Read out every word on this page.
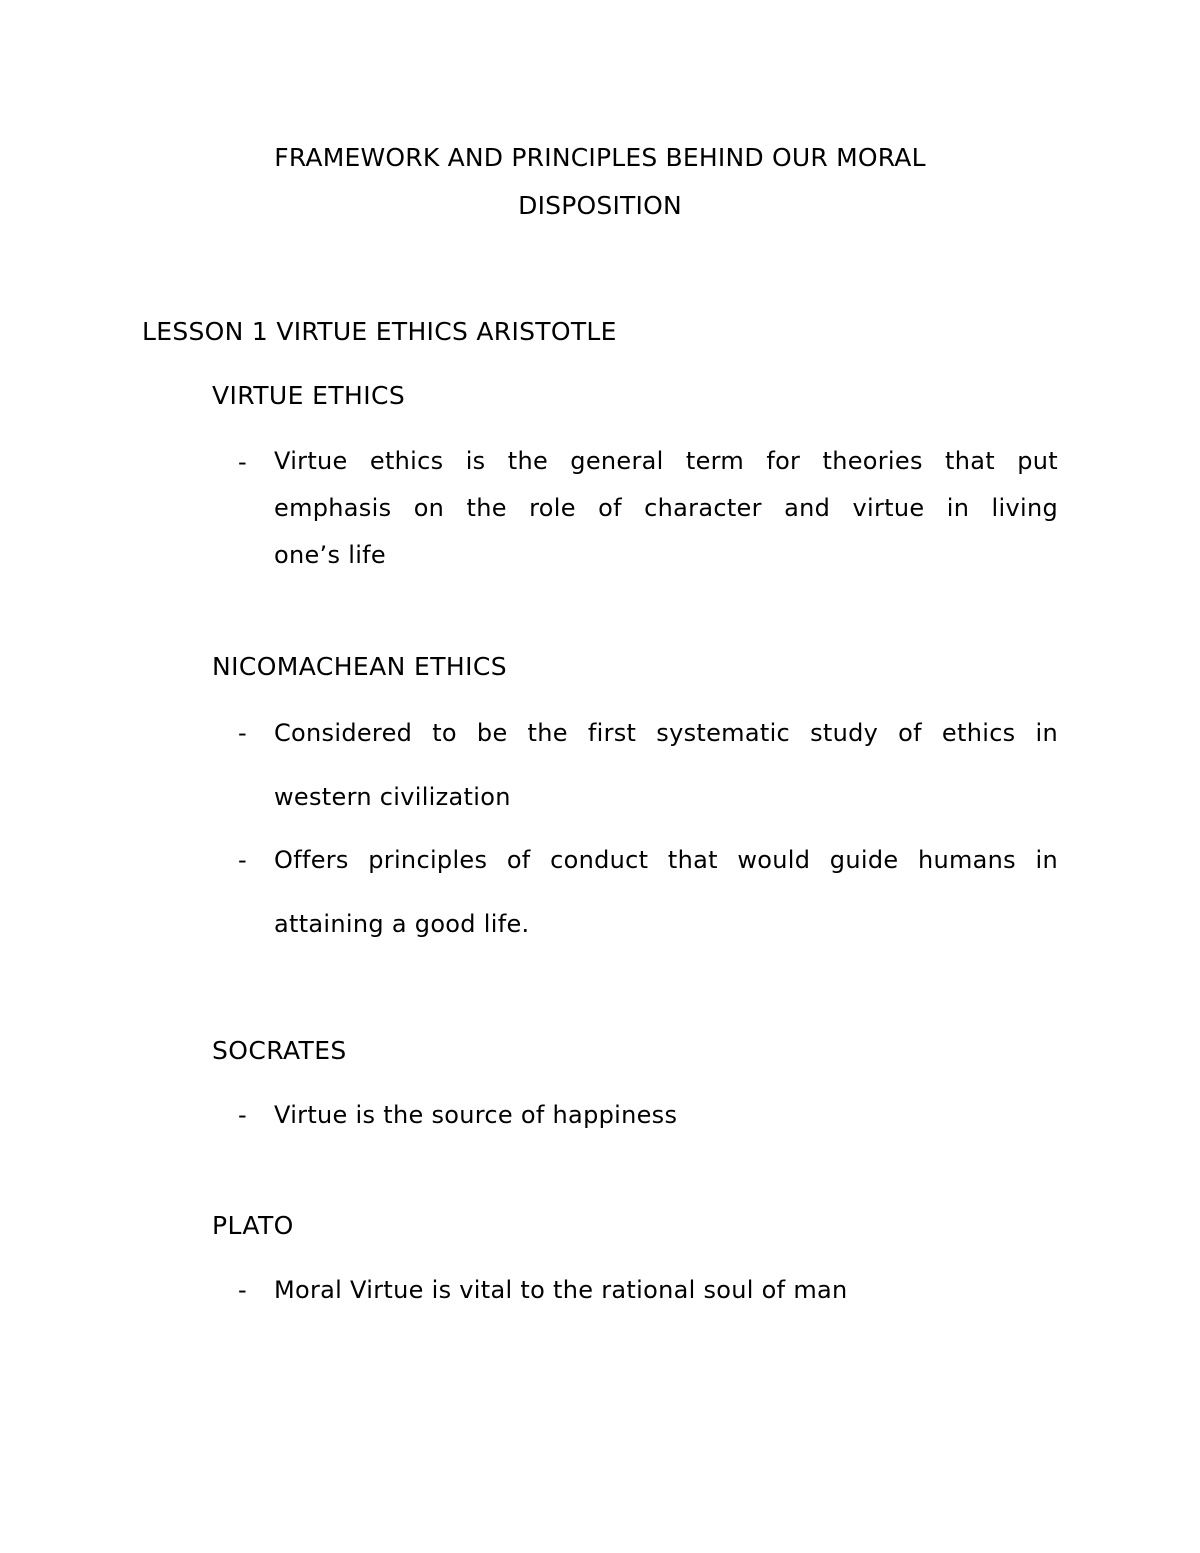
FRAMEWORK AND PRINCIPLES BEHIND OUR MORAL
DISPOSITION
LESSON 1 VIRTUE ETHICS ARISTOTLE
VIRTUE ETHICS
- Virtue ethics is the general term for theories that put
emphasis on the role of character and virtue in living
one’s life
NICOMACHEAN ETHICS
- Considered to be the first systematic study of ethics in
western civilization
- Offers principles of conduct that would guide humans in
attaining a good life.
SOCRATES
- Virtue is the source of happiness
PLATO
- Moral Virtue is vital to the rational soul of man
